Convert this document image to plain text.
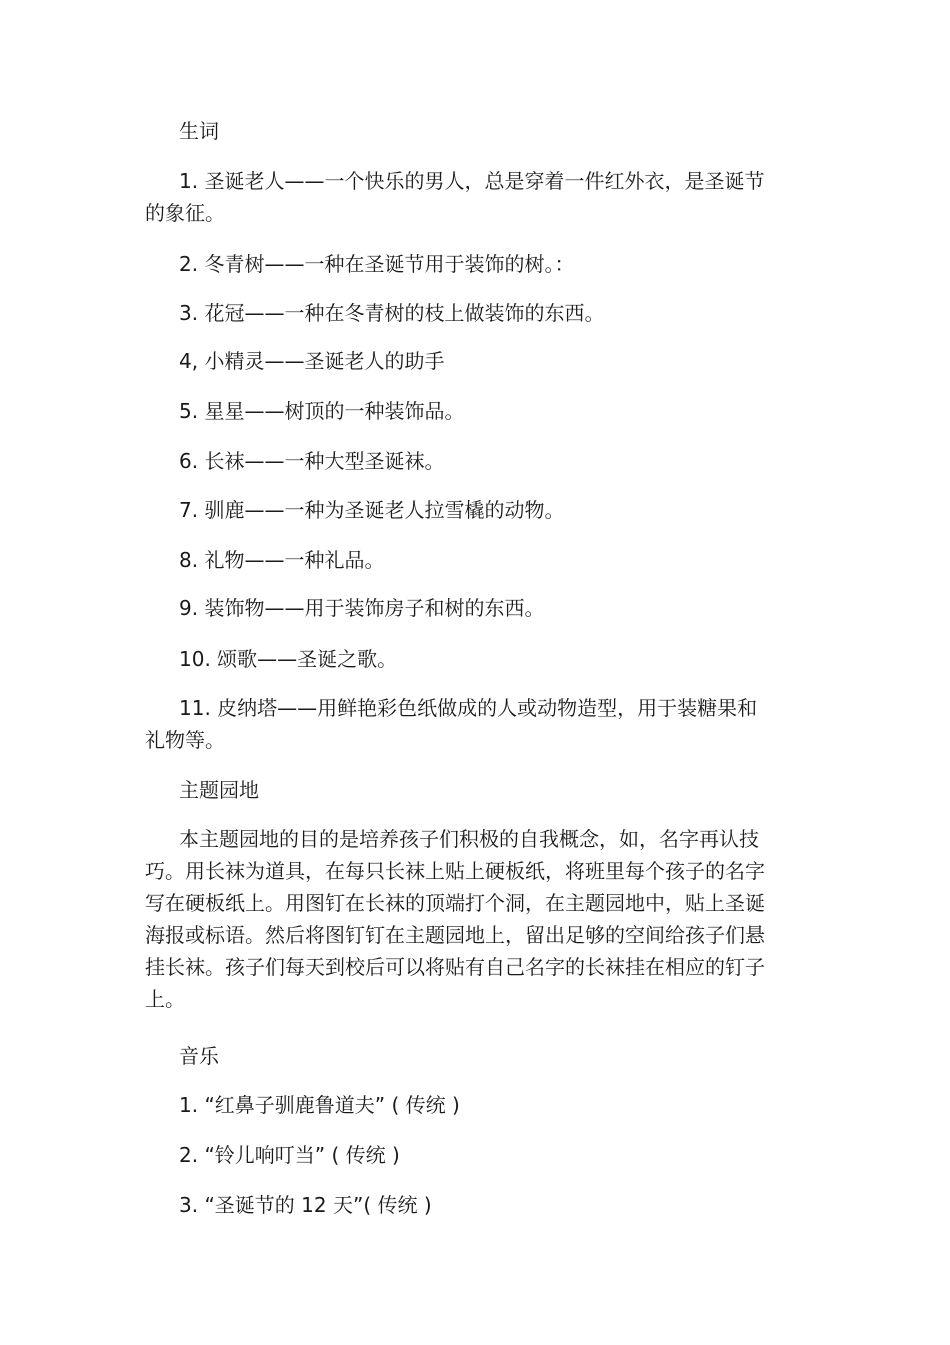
生词
1. 圣诞老人——一个快乐的男人，总是穿着一件红外衣，是圣诞节的象征。
2. 冬青树——一种在圣诞节用于装饰的树。：
3. 花冠——一种在冬青树的枝上做装饰的东西。
4, 小精灵——圣诞老人的助手
5. 星星——树顶的一种装饰品。
6. 长袜——一种大型圣诞袜。
7. 驯鹿——一种为圣诞老人拉雪橇的动物。
8. 礼物——一种礼品。
9. 装饰物——用于装饰房子和树的东西。
10. 颂歌——圣诞之歌。
11. 皮纳塔——用鲜艳彩色纸做成的人或动物造型，用于装糖果和礼物等。
主题园地
本主题园地的目的是培养孩子们积极的自我概念，如，名字再认技巧。用长袜为道具，在每只长袜上贴上硬板纸，将班里每个孩子的名字写在硬板纸上。用图钉在长袜的顶端打个洞，在主题园地中，贴上圣诞海报或标语。然后将图钉钉在主题园地上，留出足够的空间给孩子们悬挂长袜。孩子们每天到校后可以将贴有自己名字的长袜挂在相应的钉子上。
音乐
1. “红鼻子驯鹿鲁道夫” ( 传统 )
2. “铃儿响叮当” ( 传统 )
3. “圣诞节的 12 天”( 传统 )
